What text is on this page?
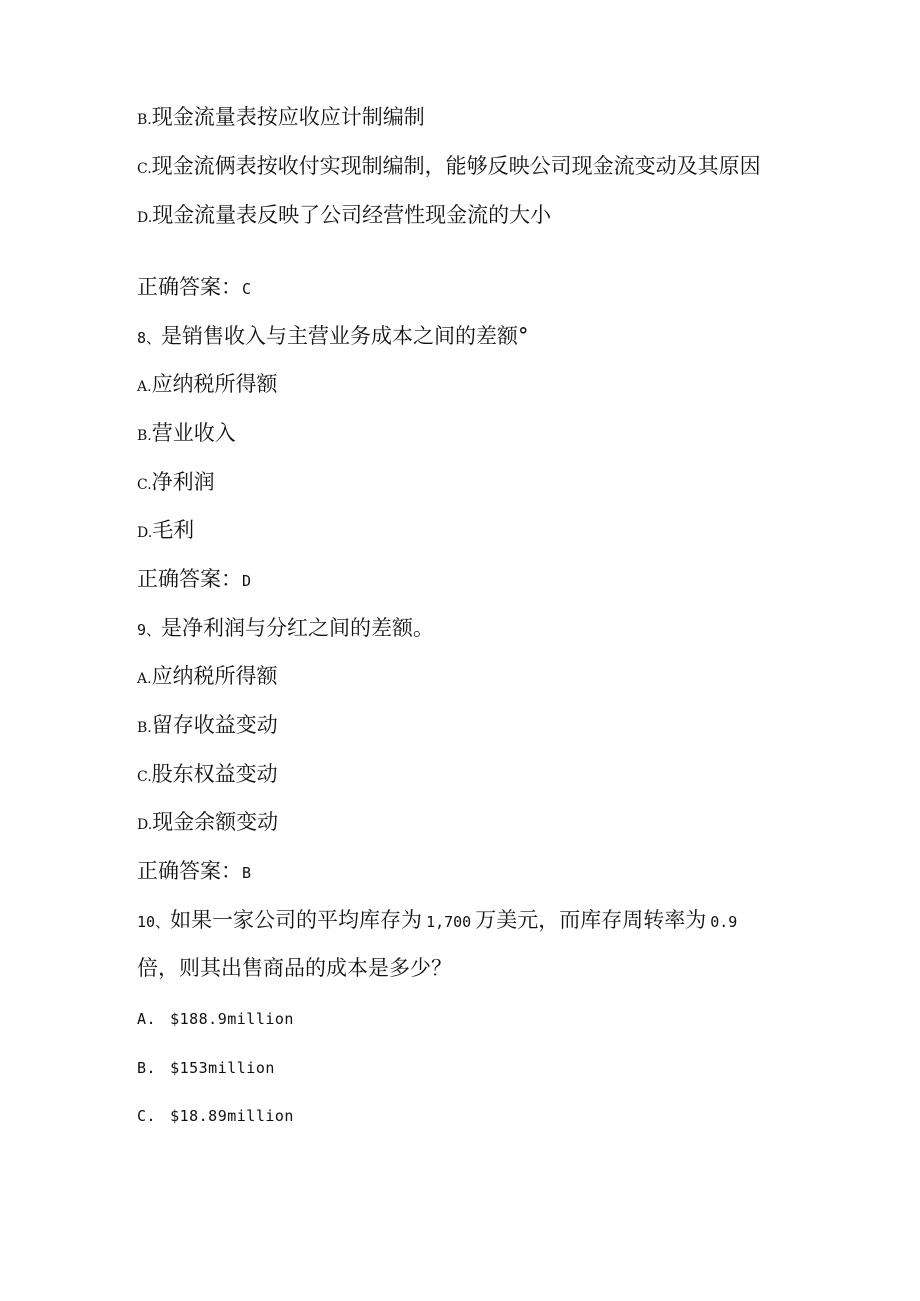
B.现金流量表按应收应计制编制
C.现金流俩表按收付实现制编制，能够反映公司现金流变动及其原因
D.现金流量表反映了公司经营性现金流的大小
正确答案：C
8、是销售收入与主营业务成本之间的差额°
A.应纳税所得额
B.营业收入
C.净利润
D.毛利
正确答案：D
9、是净利润与分红之间的差额。
A.应纳税所得额
B.留存收益变动
C.股东权益变动
D.现金余额变动
正确答案：B
10、如果一家公司的平均库存为 1,700 万美元，而库存周转率为 0.9
倍，则其出售商品的成本是多少？
A. $188.9million
B. $153million
C. $18.89million
